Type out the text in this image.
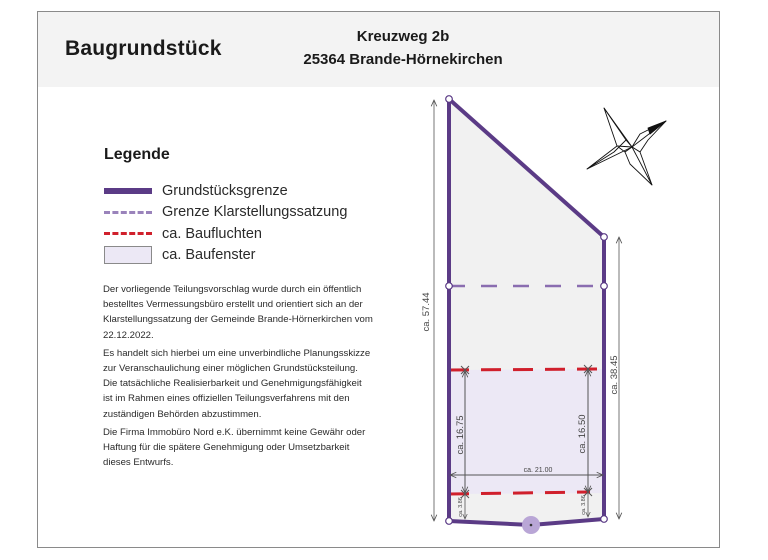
Baugrundstück
Kreuzweg 2b
25364 Brande-Hörnekirchen
Legende
Grundstücksgrenze
Grenze Klarstellungssatzung
ca. Baufluchten
ca. Baufenster

Der vorliegende Teilungsvorschlag wurde durch ein öffentlich bestelltes Vermessungsbüro erstellt und orientiert sich an der Klarstellungssatzung der Gemeinde Brande-Hörnerkirchen vom 22.12.2022.

Es handelt sich hierbei um eine unverbindliche Planungsskizze zur Veranschaulichung einer möglichen Grundstücksteilung. Die tatsächliche Realisierbarkeit und Genehmigungsfähigkeit ist im Rahmen eines offiziellen Teilungsverfahrens mit den zuständigen Behörden abzustimmen.

Die Firma Immobüro Nord e.K. übernimmt keine Gewähr oder Haftung für die spätere Genehmigung oder Umsetzbarkeit dieses Entwurfs.

ca. 57.44
ca. 38.45
ca. 16.75	ca. 16.50
ca. 21.00
ca. 3.86	ca. 3.86
